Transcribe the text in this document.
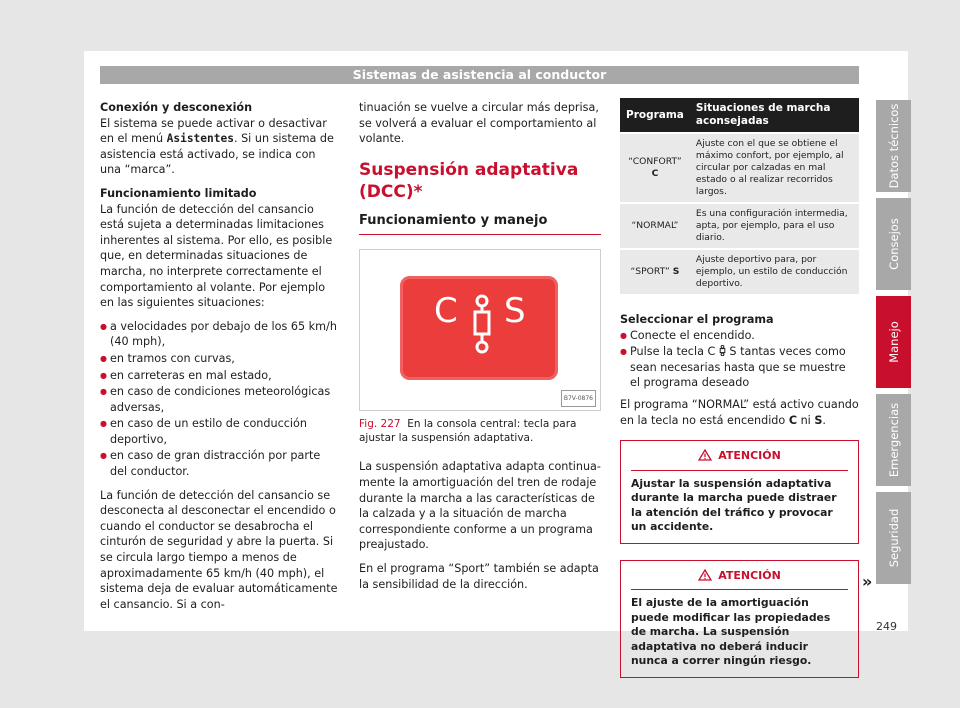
Sistemas de asistencia al conductor
Conexión y desconexión
El sistema se puede activar o desactivar en el menú Asistentes. Si un sistema de asistencia está activado, se indica con una “marca”.
Funcionamiento limitado
La función de detección del cansancio está sujeta a determinadas limitaciones inherentes al sistema. Por ello, es posible que, en determinadas situaciones de marcha, no interprete correctamente el comportamiento al volante. Por ejemplo en las siguientes situaciones:
● a velocidades por debajo de los 65 km/h (40 mph),
● en tramos con curvas,
● en carreteras en mal estado,
● en caso de condiciones meteorológicas adversas,
● en caso de un estilo de conducción deportivo,
● en caso de gran distracción por parte del conductor.
La función de detección del cansancio se desconecta al desconectar el encendido o cuando el conductor se desabrocha el cinturón de seguridad y abre la puerta. Si se circula largo tiempo a menos de aproximadamente 65 km/h (40 mph), el sistema deja de evaluar automáticamente el cansancio. Si a con-
tinuación se vuelve a circular más deprisa, se volverá a evaluar el comportamiento al volante.
Suspensión adaptativa (DCC)*
Funcionamiento y manejo
C S
B7V-0876
Fig. 227 En la consola central: tecla para ajustar la suspensión adaptativa.
La suspensión adaptativa adapta continuamente la amortiguación del tren de rodaje durante la marcha a las características de la calzada y a la situación de marcha correspondiente conforme a un programa preajustado.
En el programa “Sport” también se adapta la sensibilidad de la dirección.
Programa	Situaciones de marcha aconsejadas
“CONFORT” C	Ajuste con el que se obtiene el máximo confort, por ejemplo, al circular por calzadas en mal estado o al realizar recorridos largos.
“NORMAL”	Es una configuración intermedia, apta, por ejemplo, para el uso diario.
“SPORT” S	Ajuste deportivo para, por ejemplo, un estilo de conducción deportivo.
Seleccionar el programa
● Conecte el encendido.
● Pulse la tecla C S tantas veces como sean necesarias hasta que se muestre el programa deseado
El programa “NORMAL” está activo cuando en la tecla no está encendido C ni S.
ATENCIÓN
Ajustar la suspensión adaptativa durante la marcha puede distraer la atención del tráfico y provocar un accidente.
ATENCIÓN
El ajuste de la amortiguación puede modificar las propiedades de marcha. La suspensión adaptativa no deberá inducir nunca a correr ningún riesgo.
»
Datos técnicos
Consejos
Manejo
Emergencias
Seguridad
249
